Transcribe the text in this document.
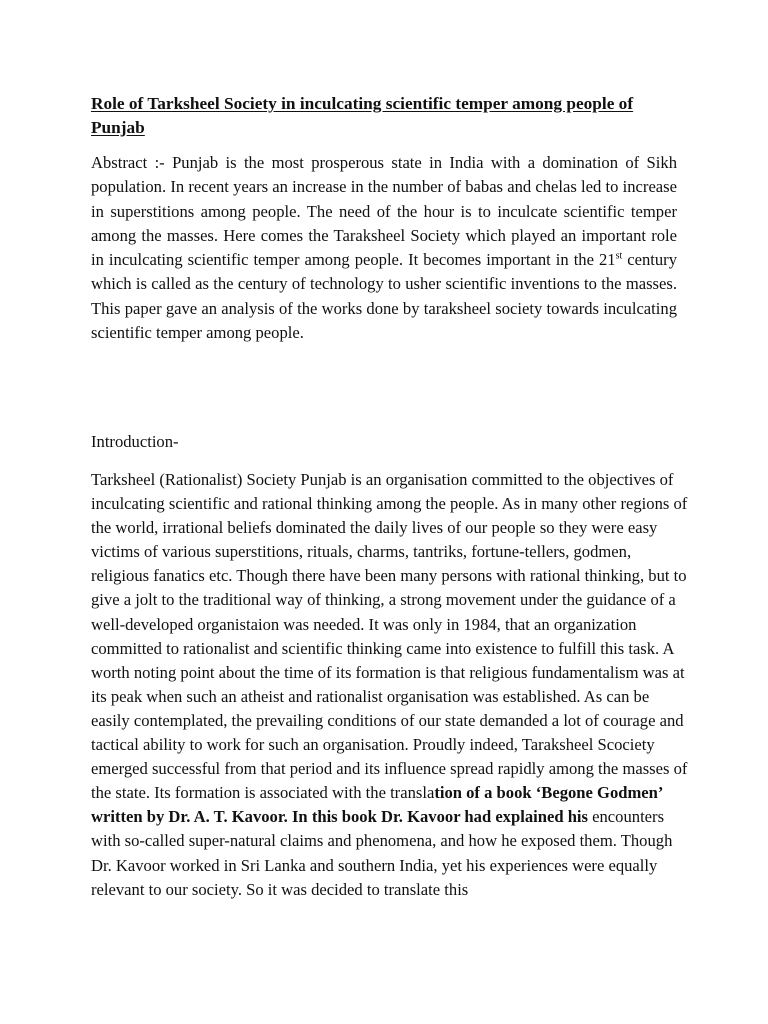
Role of Tarksheel Society in inculcating scientific temper among people of Punjab
Abstract :- Punjab is the most prosperous state in India with a domination of Sikh population. In recent years an increase in the number of babas and chelas led to increase in superstitions among people. The need of the hour is to inculcate scientific temper among the masses. Here comes the Taraksheel Society which played an important role in inculcating scientific temper among people. It becomes important in the 21st century which is called as the century of technology to usher scientific inventions to the masses. This paper gave an analysis of the works done by taraksheel society towards inculcating scientific temper among people.
Introduction-
Tarksheel (Rationalist) Society Punjab is an organisation committed to the objectives of inculcating scientific and rational thinking among the people. As in many other regions of the world, irrational beliefs dominated the daily lives of our people so they were easy victims of various superstitions, rituals, charms, tantriks, fortune-tellers, godmen, religious fanatics etc. Though there have been many persons with rational thinking, but to give a jolt to the traditional way of thinking, a strong movement under the guidance of a well-developed organistaion was needed. It was only in 1984, that an organization committed to rationalist and scientific thinking came into existence to fulfill this task. A worth noting point about the time of its formation is that religious fundamentalism was at its peak when such an atheist and rationalist organisation was established. As can be easily contemplated, the prevailing conditions of our state demanded a lot of courage and tactical ability to work for such an organisation. Proudly indeed, Taraksheel Scociety emerged successful from that period and its influence spread rapidly among the masses of the state. Its formation is associated with the translation of a book ‘Begone Godmen’ written by Dr. A. T. Kavoor. In this book Dr. Kavoor had explained his encounters with so-called super-natural claims and phenomena, and how he exposed them. Though Dr. Kavoor worked in Sri Lanka and southern India, yet his experiences were equally relevant to our society. So it was decided to translate this
